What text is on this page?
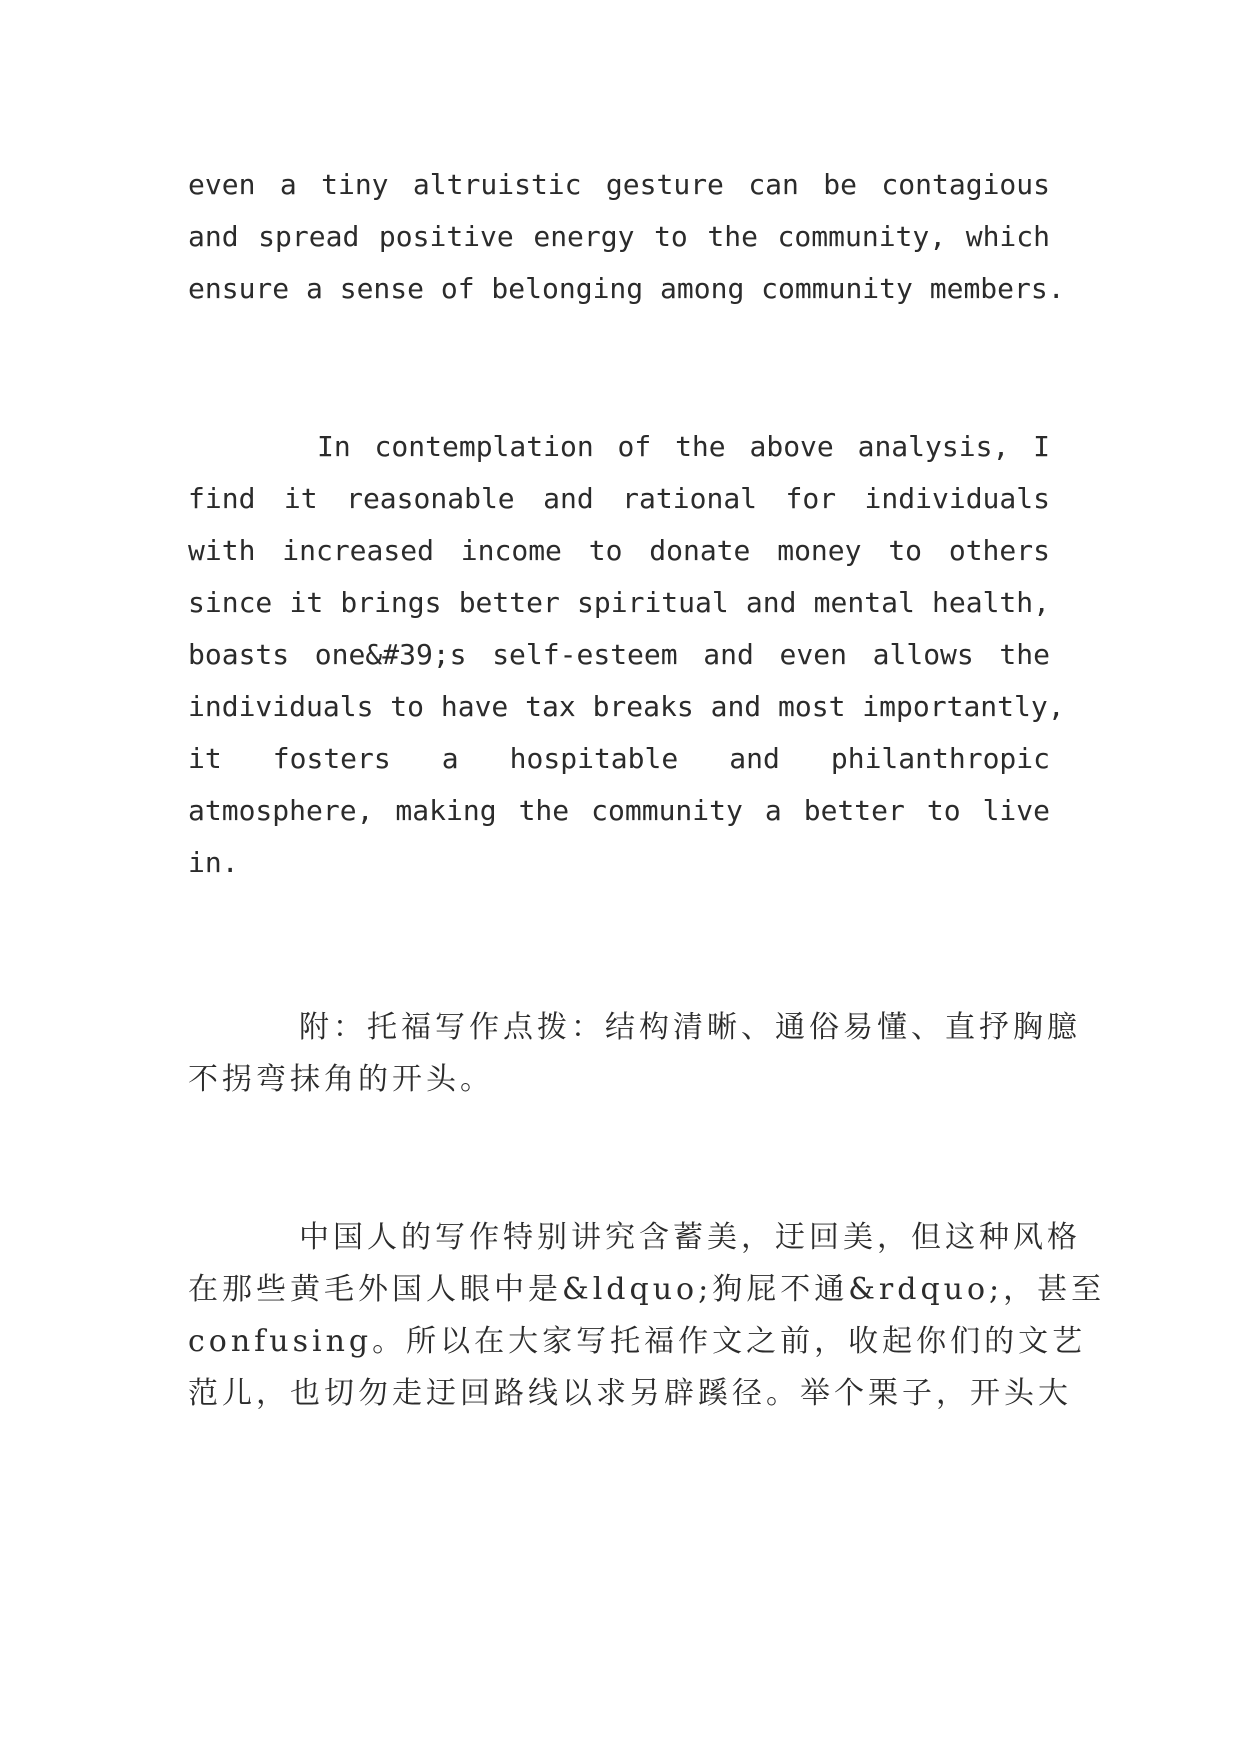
even a tiny altruistic gesture can be contagious
and spread positive energy to the community, which
ensure a sense of belonging among community members.
In contemplation of the above analysis, I
find it reasonable and rational for individuals
with increased income to donate money to others
since it brings better spiritual and mental health,
boasts one&#39;s self-esteem and even allows the
individuals to have tax breaks and most importantly,
it fosters a hospitable and philanthropic
atmosphere, making the community a better to live
in.
附：托福写作点拨：结构清晰、通俗易懂、直抒胸臆
不拐弯抹角的开头。
中国人的写作特别讲究含蓄美，迂回美，但这种风格
在那些黄毛外国人眼中是&ldquo;狗屁不通&rdquo;，甚至
confusing。所以在大家写托福作文之前，收起你们的文艺
范儿，也切勿走迂回路线以求另辟蹊径。举个栗子，开头大
